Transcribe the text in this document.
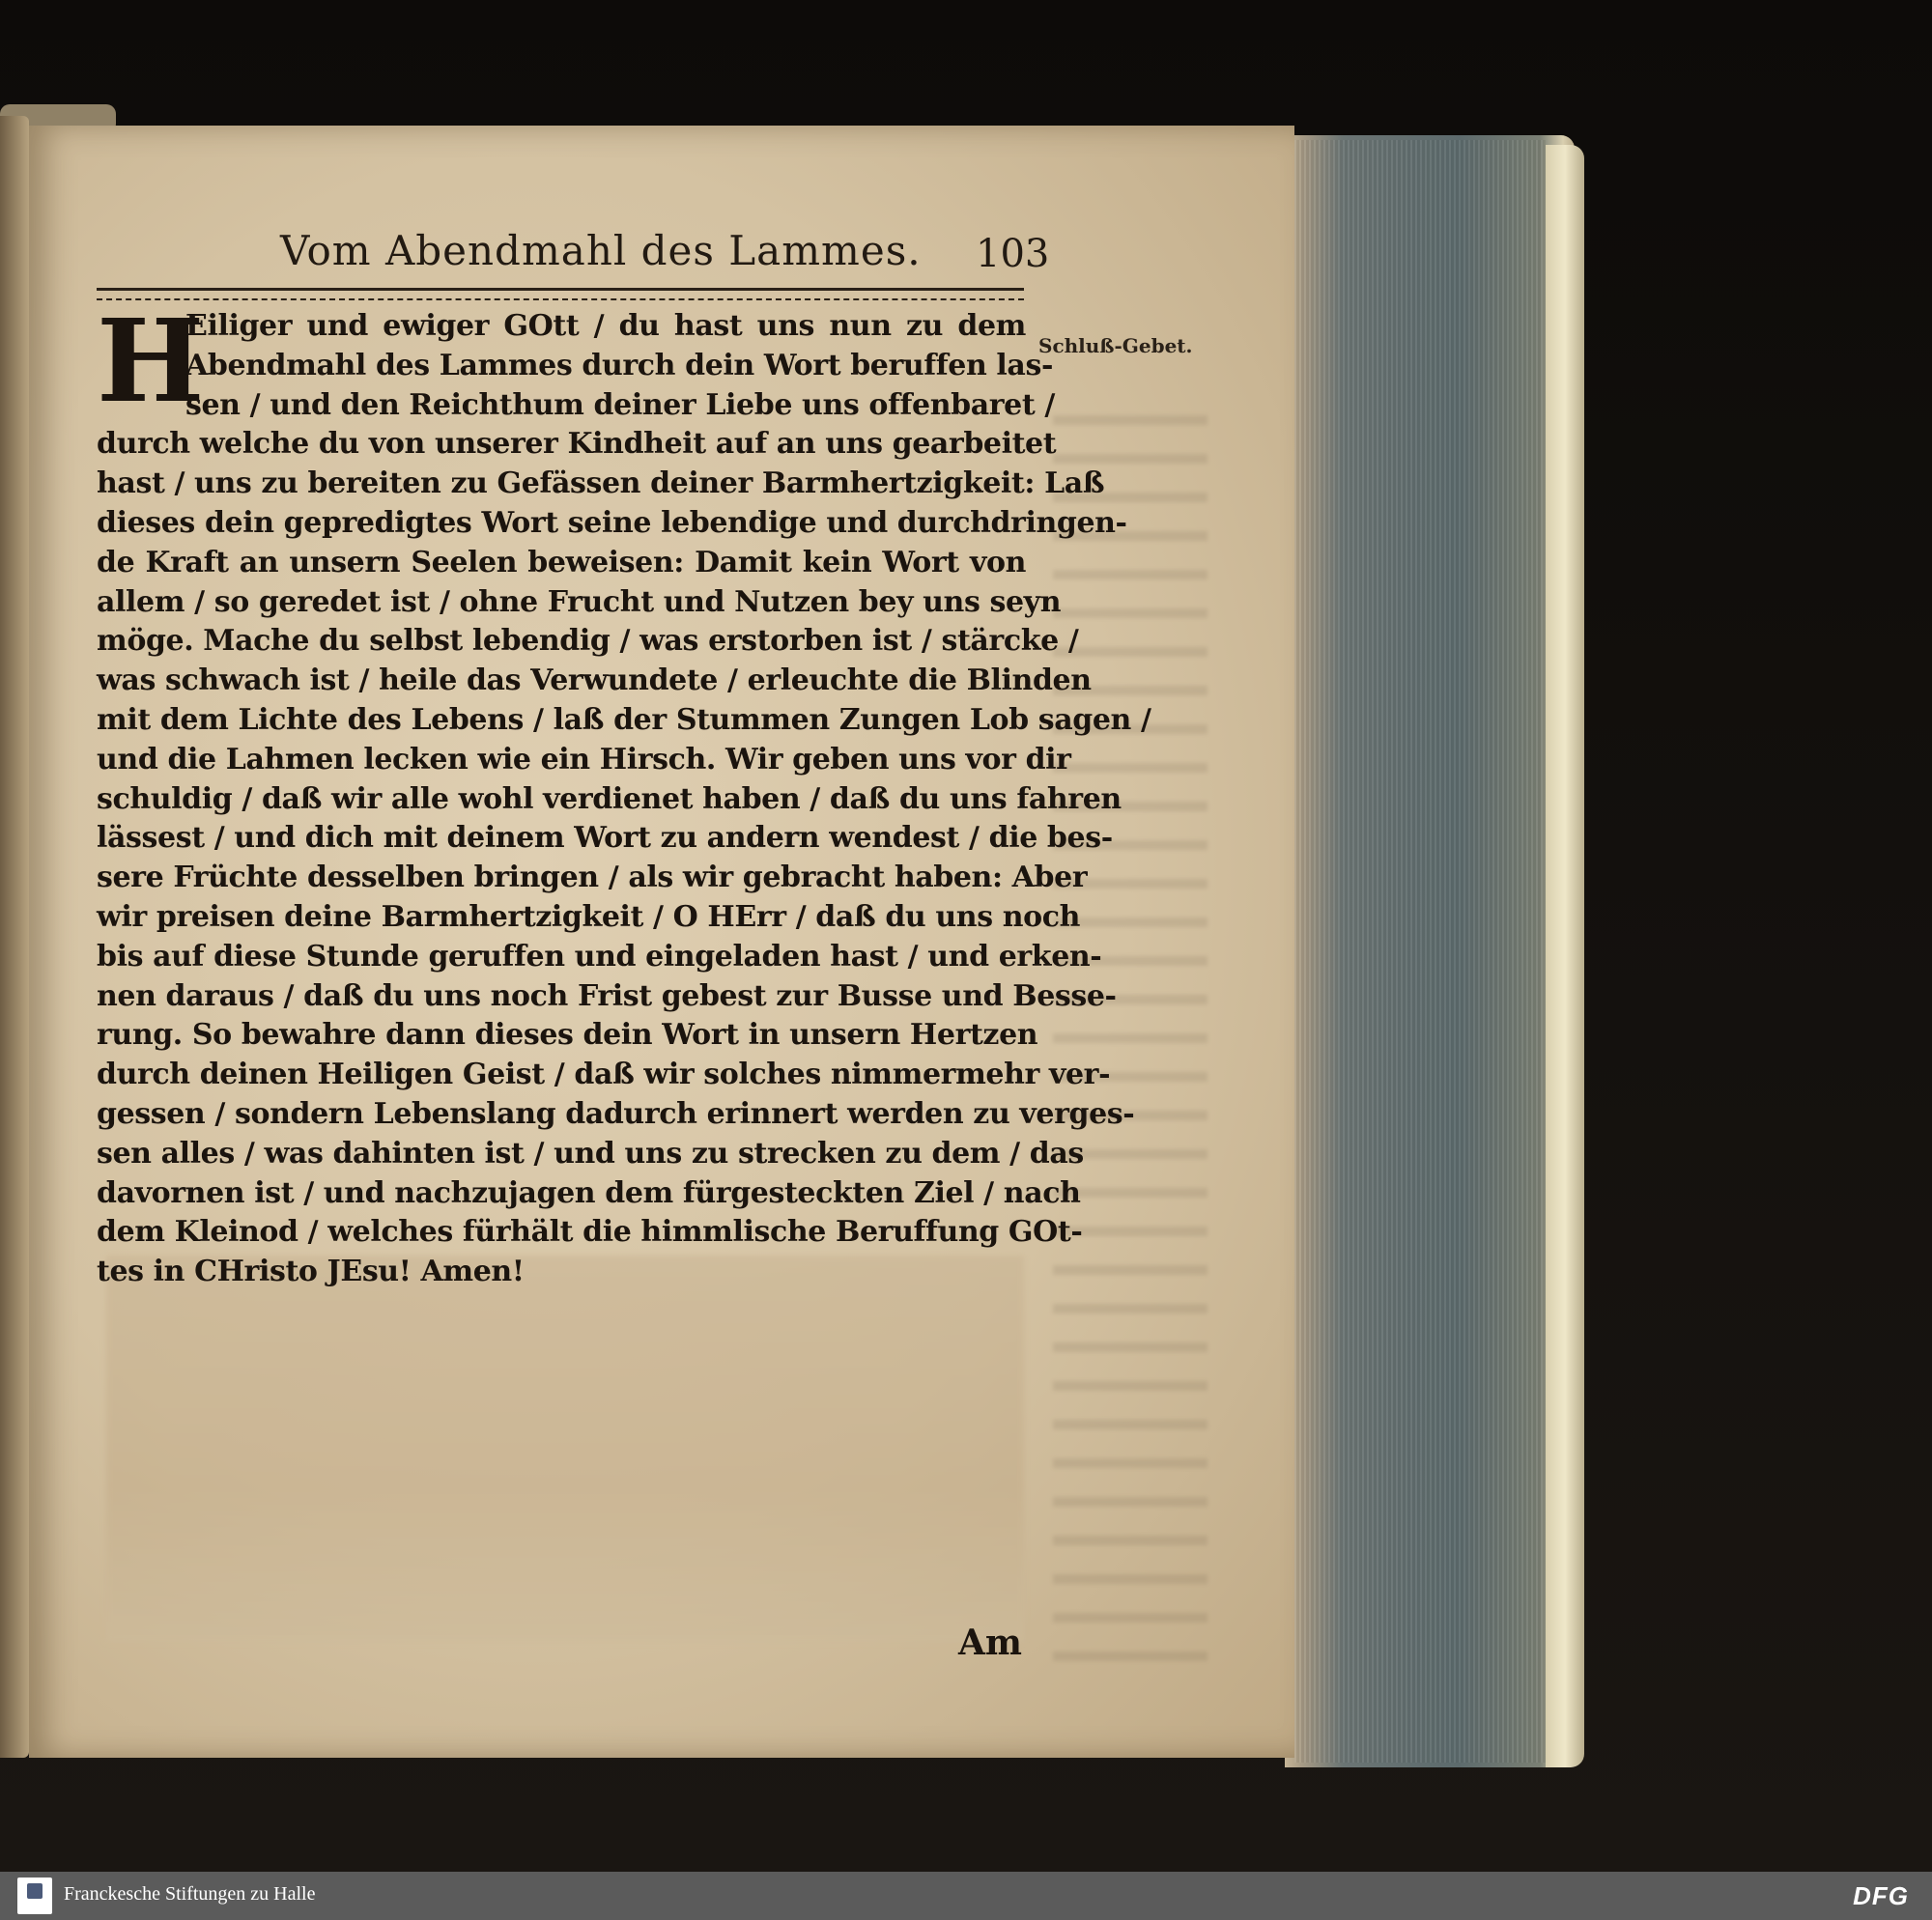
Vom Abendmahl des Lammes. 103
H	Schluß-Gebet.
Eiliger und ewiger GOtt / du hast uns nun zu dem
Abendmahl des Lammes durch dein Wort beruffen las-
sen / und den Reichthum deiner Liebe uns offenbaret /
durch welche du von unserer Kindheit auf an uns gearbeitet
hast / uns zu bereiten zu Gefässen deiner Barmhertzigkeit: Laß
dieses dein gepredigtes Wort seine lebendige und durchdringen-
de Kraft an unsern Seelen beweisen: Damit kein Wort von
allem / so geredet ist / ohne Frucht und Nutzen bey uns seyn
möge. Mache du selbst lebendig / was erstorben ist / stärcke /
was schwach ist / heile das Verwundete / erleuchte die Blinden
mit dem Lichte des Lebens / laß der Stummen Zungen Lob sagen /
und die Lahmen lecken wie ein Hirsch. Wir geben uns vor dir
schuldig / daß wir alle wohl verdienet haben / daß du uns fahren
lässest / und dich mit deinem Wort zu andern wendest / die bes-
sere Früchte desselben bringen / als wir gebracht haben: Aber
wir preisen deine Barmhertzigkeit / O HErr / daß du uns noch
bis auf diese Stunde geruffen und eingeladen hast / und erken-
nen daraus / daß du uns noch Frist gebest zur Busse und Besse-
rung. So bewahre dann dieses dein Wort in unsern Hertzen
durch deinen Heiligen Geist / daß wir solches nimmermehr ver-
gessen / sondern Lebenslang dadurch erinnert werden zu verges-
sen alles / was dahinten ist / und uns zu strecken zu dem / das
davornen ist / und nachzujagen dem fürgesteckten Ziel / nach
dem Kleinod / welches fürhält die himmlische Beruffung GOt-
tes in CHristo JEsu! Amen!
Am
Franckesche Stiftungen zu Halle	DFG
